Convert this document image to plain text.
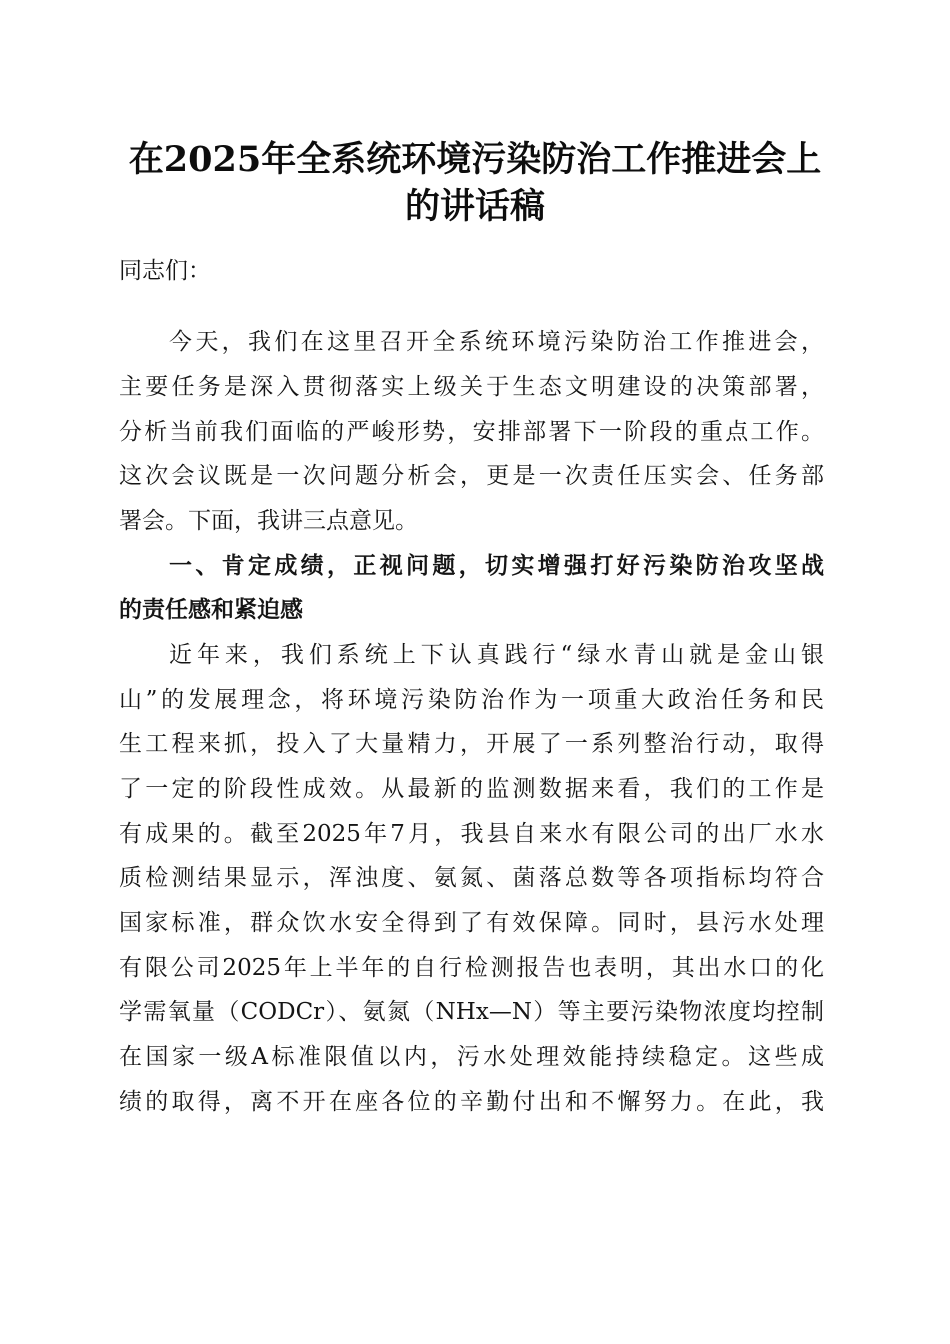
在2025年全系统环境污染防治工作推进会上
的讲话稿

同志们：

今天，我们在这里召开全系统环境污染防治工作推进会，

主要任务是深入贯彻落实上级关于生态文明建设的决策部署，

分析当前我们面临的严峻形势，安排部署下一阶段的重点工作。

这次会议既是一次问题分析会，更是一次责任压实会、任务部

署会。下面，我讲三点意见。

一、肯定成绩，正视问题，切实增强打好污染防治攻坚战

的责任感和紧迫感

近年来，我们系统上下认真践行“绿水青山就是金山银

山”的发展理念，将环境污染防治作为一项重大政治任务和民

生工程来抓，投入了大量精力，开展了一系列整治行动，取得

了一定的阶段性成效。从最新的监测数据来看，我们的工作是

有成果的。截至2025年7月，我县自来水有限公司的出厂水水

质检测结果显示，浑浊度、氨氮、菌落总数等各项指标均符合

国家标准，群众饮水安全得到了有效保障。同时，县污水处理

有限公司2025年上半年的自行检测报告也表明，其出水口的化

学需氧量（CODCr）、氨氮（NHx—N）等主要污染物浓度均控制

在国家一级A标准限值以内，污水处理效能持续稳定。这些成

绩的取得，离不开在座各位的辛勤付出和不懈努力。在此，我
